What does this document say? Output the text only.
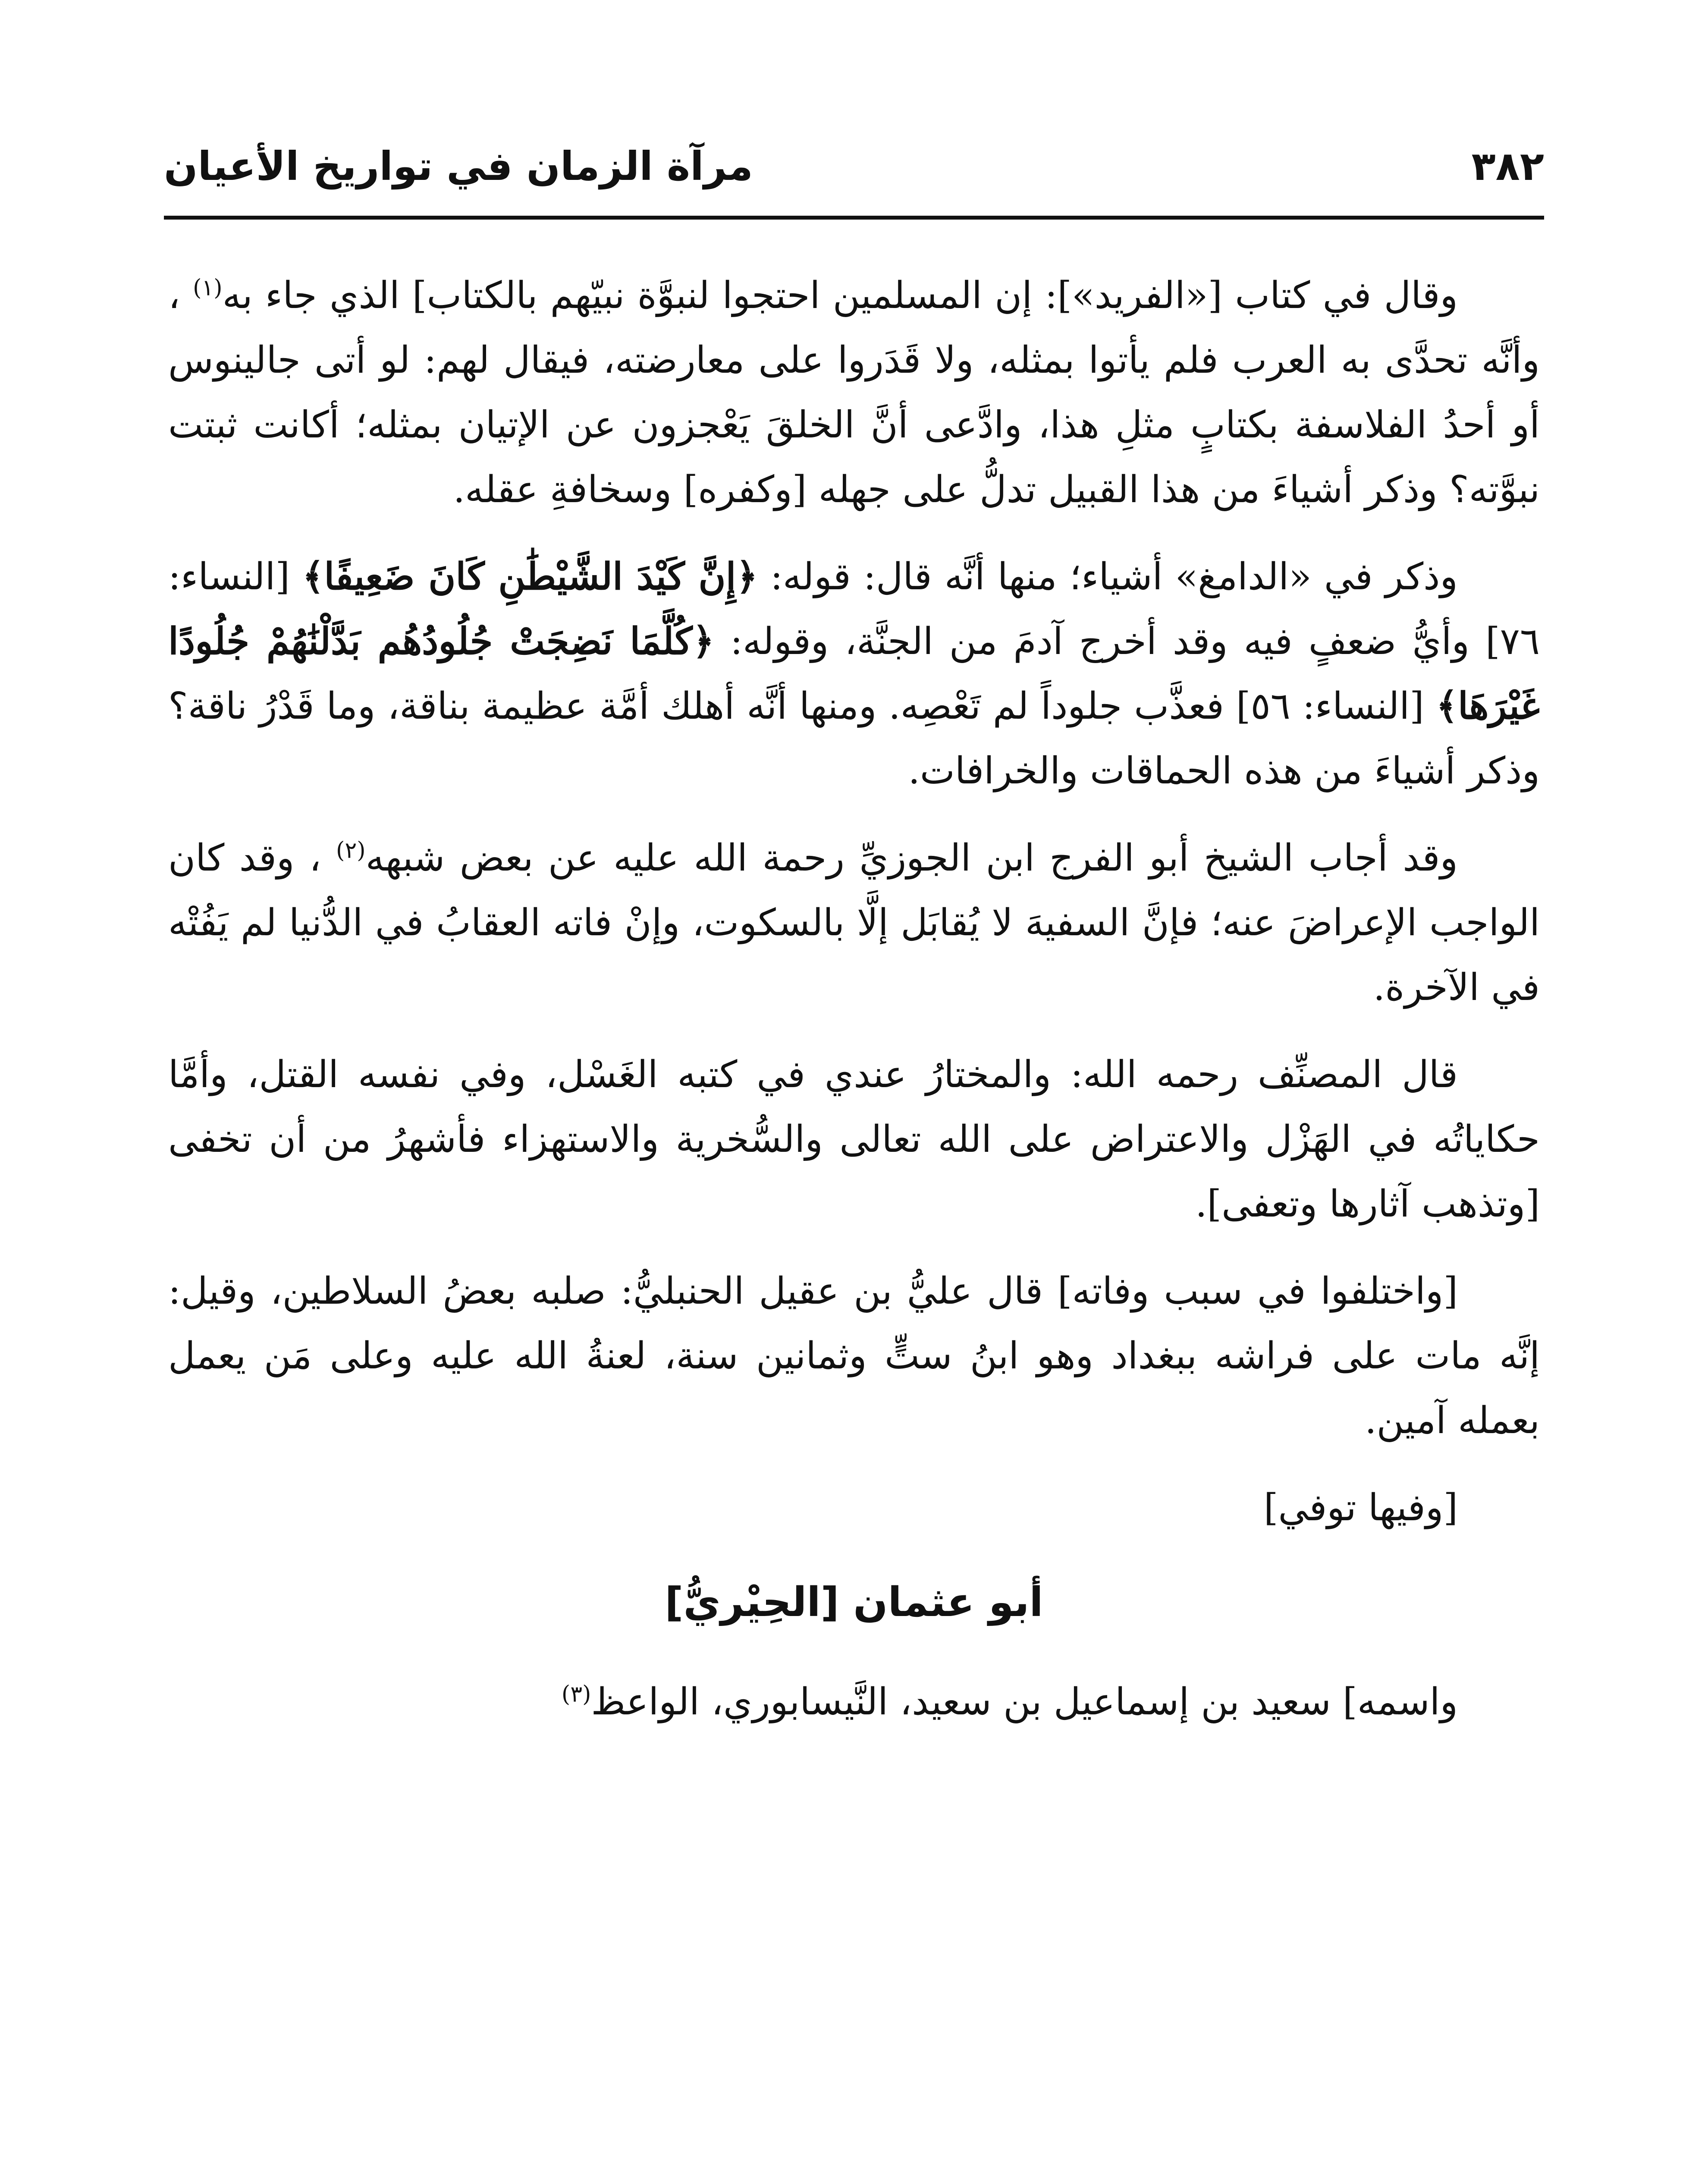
٣٨٢
مرآة الزمان في تواريخ الأعيان

وقال في كتاب [«الفريد»]: إن المسلمين احتجوا لنبوَّة نبيّهم بالكتاب] الذي جاء به$^{(١)}$ ، وأنَّه تحدَّى به العرب فلم يأتوا بمثله، ولا قَدَروا على معارضته، فيقال لهم: لو أتى جالينوس أو أحدُ الفلاسفة بكتابٍ مثلِ هذا، وادَّعى أنَّ الخلقَ يَعْجزون عن الإتيان بمثله؛ أكانت ثبتت نبوَّته؟ وذكر أشياءَ من هذا القبيل تدلُّ على جهله [وكفره] وسخافةِ عقله.

وذكر في «الدامغ» أشياء؛ منها أنَّه قال: قوله: ﴿إِنَّ كَيْدَ الشَّيْطَٰنِ كَانَ ضَعِيفًا﴾ [النساء: ٧٦] وأيُّ ضعفٍ فيه وقد أخرج آدمَ من الجنَّة، وقوله: ﴿كُلَّمَا نَضِجَتْ جُلُودُهُم بَدَّلْنَٰهُمْ جُلُودًا غَيْرَهَا﴾ [النساء: ٥٦] فعذَّب جلوداً لم تَعْصِه. ومنها أنَّه أهلك أمَّة عظيمة بناقة، وما قَدْرُ ناقة؟ وذكر أشياءَ من هذه الحماقات والخرافات.

وقد أجاب الشيخ أبو الفرج ابن الجوزيِّ رحمة الله عليه عن بعض شبهه$^{(٢)}$ ، وقد كان الواجب الإعراضَ عنه؛ فإنَّ السفيهَ لا يُقابَل إلَّا بالسكوت، وإنْ فاته العقابُ في الدُّنيا لم يَفُتْه في الآخرة.

قال المصنِّف رحمه الله: والمختارُ عندي في كتبه الغَسْل، وفي نفسه القتل، وأمَّا حكاياتُه في الهَزْل والاعتراض على الله تعالى والسُّخرية والاستهزاء فأشهرُ من أن تخفى [وتذهب آثارها وتعفى].

[واختلفوا في سبب وفاته] قال عليُّ بن عقيل الحنبليُّ: صلبه بعضُ السلاطين، وقيل: إنَّه مات على فراشه ببغداد وهو ابنُ ستٍّ وثمانين سنة، لعنةُ الله عليه وعلى مَن يعمل بعمله آمين.

[وفيها توفي]

أبو عثمان [الحِيْريُّ]

واسمه] سعيد بن إسماعيل بن سعيد، النَّيسابوري، الواعظ$^{(٣)}$
